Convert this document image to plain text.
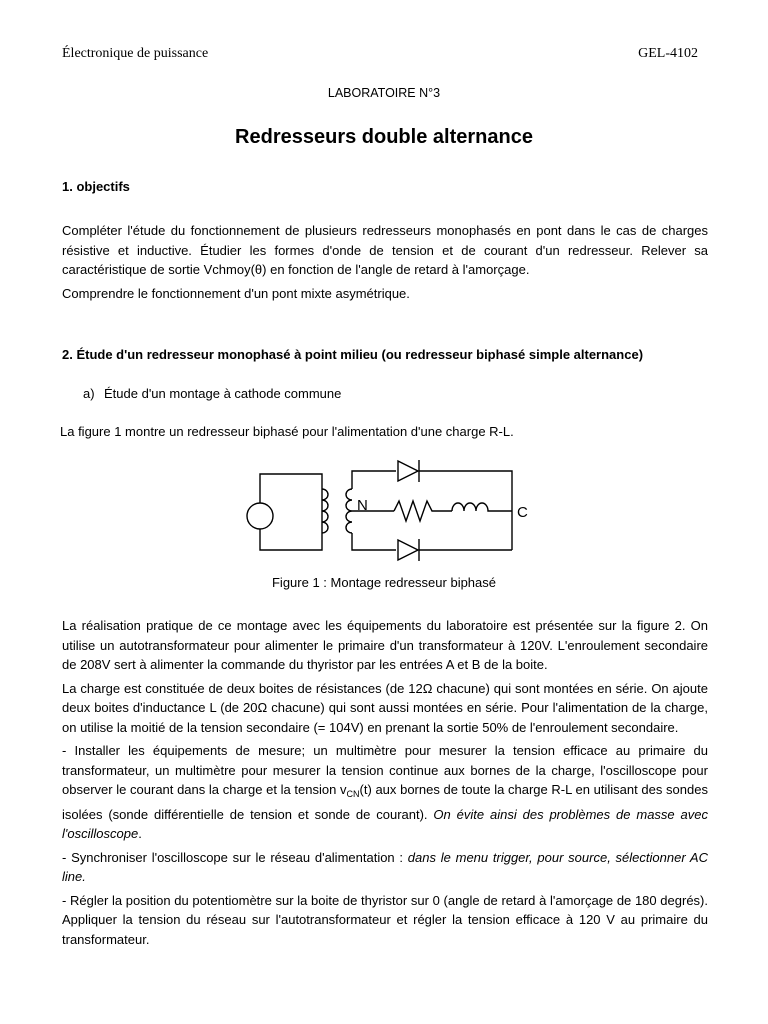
Électronique de puissance	GEL-4102
LABORATOIRE N°3
Redresseurs double alternance
1. objectifs

Compléter l'étude du fonctionnement de plusieurs redresseurs monophasés en pont dans le cas de charges résistive et inductive. Étudier les formes d'onde de tension et de courant d'un redresseur. Relever sa caractéristique de sortie Vchmoy(θ) en fonction de l'angle de retard à l'amorçage.

Comprendre le fonctionnement d'un pont mixte asymétrique.

2. Étude d'un redresseur monophasé à point milieu (ou redresseur biphasé simple alternance)
a) Étude d'un montage à cathode commune
La figure 1 montre un redresseur biphasé pour l'alimentation d'une charge R-L.
N	C
Figure 1 : Montage redresseur biphasé

La réalisation pratique de ce montage avec les équipements du laboratoire est présentée sur la figure 2. On utilise un autotransformateur pour alimenter le primaire d'un transformateur à 120V. L'enroulement secondaire de 208V sert à alimenter la commande du thyristor par les entrées A et B de la boite.

La charge est constituée de deux boites de résistances (de 12Ω chacune) qui sont montées en série. On ajoute deux boites d'inductance L (de 20Ω chacune) qui sont aussi montées en série. Pour l'alimentation de la charge, on utilise la moitié de la tension secondaire (= 104V) en prenant la sortie 50% de l'enroulement secondaire.

- Installer les équipements de mesure; un multimètre pour mesurer la tension efficace au primaire du transformateur, un multimètre pour mesurer la tension continue aux bornes de la charge, l'oscilloscope pour observer le courant dans la charge et la tension $v_{CN}(t)$ aux bornes de toute la charge R-L en utilisant des sondes isolées (sonde différentielle de tension et sonde de courant). On évite ainsi des problèmes de masse avec l'oscilloscope.

- Synchroniser l'oscilloscope sur le réseau d'alimentation : dans le menu trigger, pour source, sélectionner AC line.

- Régler la position du potentiomètre sur la boite de thyristor sur 0 (angle de retard à l'amorçage de 180 degrés). Appliquer la tension du réseau sur l'autotransformateur et régler la tension efficace à 120 V au primaire du transformateur.
